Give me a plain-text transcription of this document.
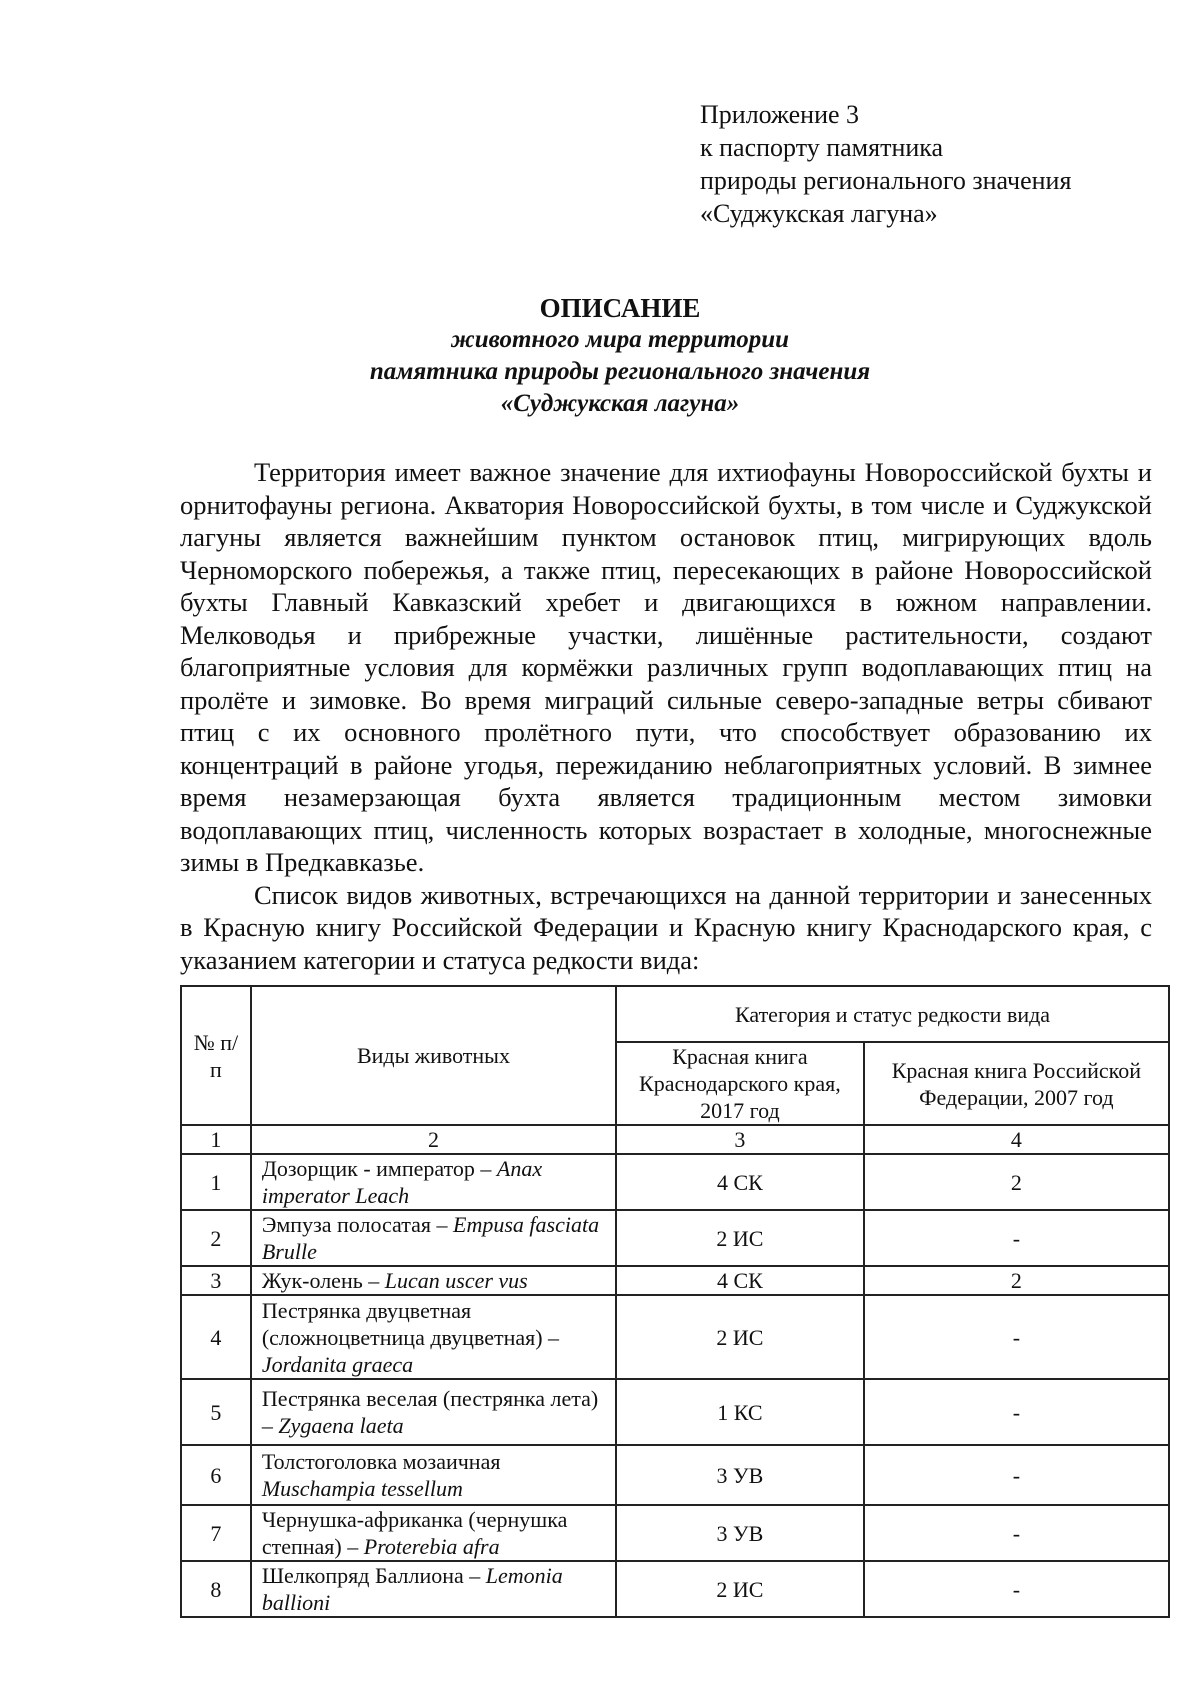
Приложение 3
к паспорту памятника
природы регионального значения
«Суджукская лагуна»
ОПИСАНИЕ
животного мира территории
памятника природы регионального значения
«Суджукская лагуна»

Территория имеет важное значение для ихтиофауны Новороссийской бухты и орнитофауны региона. Акватория Новороссийской бухты, в том числе и Суджукской лагуны является важнейшим пунктом остановок птиц, мигрирующих вдоль Черноморского побережья, а также птиц, пересекающих в районе Новороссийской бухты Главный Кавказский хребет и двигающихся в южном направлении. Мелководья и прибрежные участки, лишённые растительности, создают благоприятные условия для кормёжки различных групп водоплавающих птиц на пролёте и зимовке. Во время миграций сильные северо-западные ветры сбивают птиц с их основного пролётного пути, что способствует образованию их концентраций в районе угодья, пережиданию неблагоприятных условий. В зимнее время незамерзающая бухта является традиционным местом зимовки водоплавающих птиц, численность которых возрастает в холодные, многоснежные зимы в Предкавказье.

Список видов животных, встречающихся на данной территории и занесенных в Красную книгу Российской Федерации и Красную книгу Краснодарского края, с указанием категории и статуса редкости вида:

№ п/п	Виды животных	Категория и статус редкости вида	
		Красная книга Краснодарского края, 2017 год	Красная книга Российской Федерации, 2007 год
1	2	3	4
1	Дозорщик - император – Anax imperator Leach	4 СК	2
2	Эмпуза полосатая – Empusa fasciata Brulle	2 ИС	-
3	Жук-олень – Lucan uscer vus	4 СК	2
4	Пестрянка двуцветная (сложноцветница двуцветная) – Jordanita graeca	2 ИС	-
5	Пестрянка веселая (пестрянка лета) – Zygaena laeta	1 КС	-
6	Толстоголовка мозаичная Muschampia tessellum	3 УВ	-
7	Чернушка-африканка (чернушка степная) – Proterebia afra	3 УВ	-
8	Шелкопряд Баллиона – Lemonia ballioni	2 ИС	-
